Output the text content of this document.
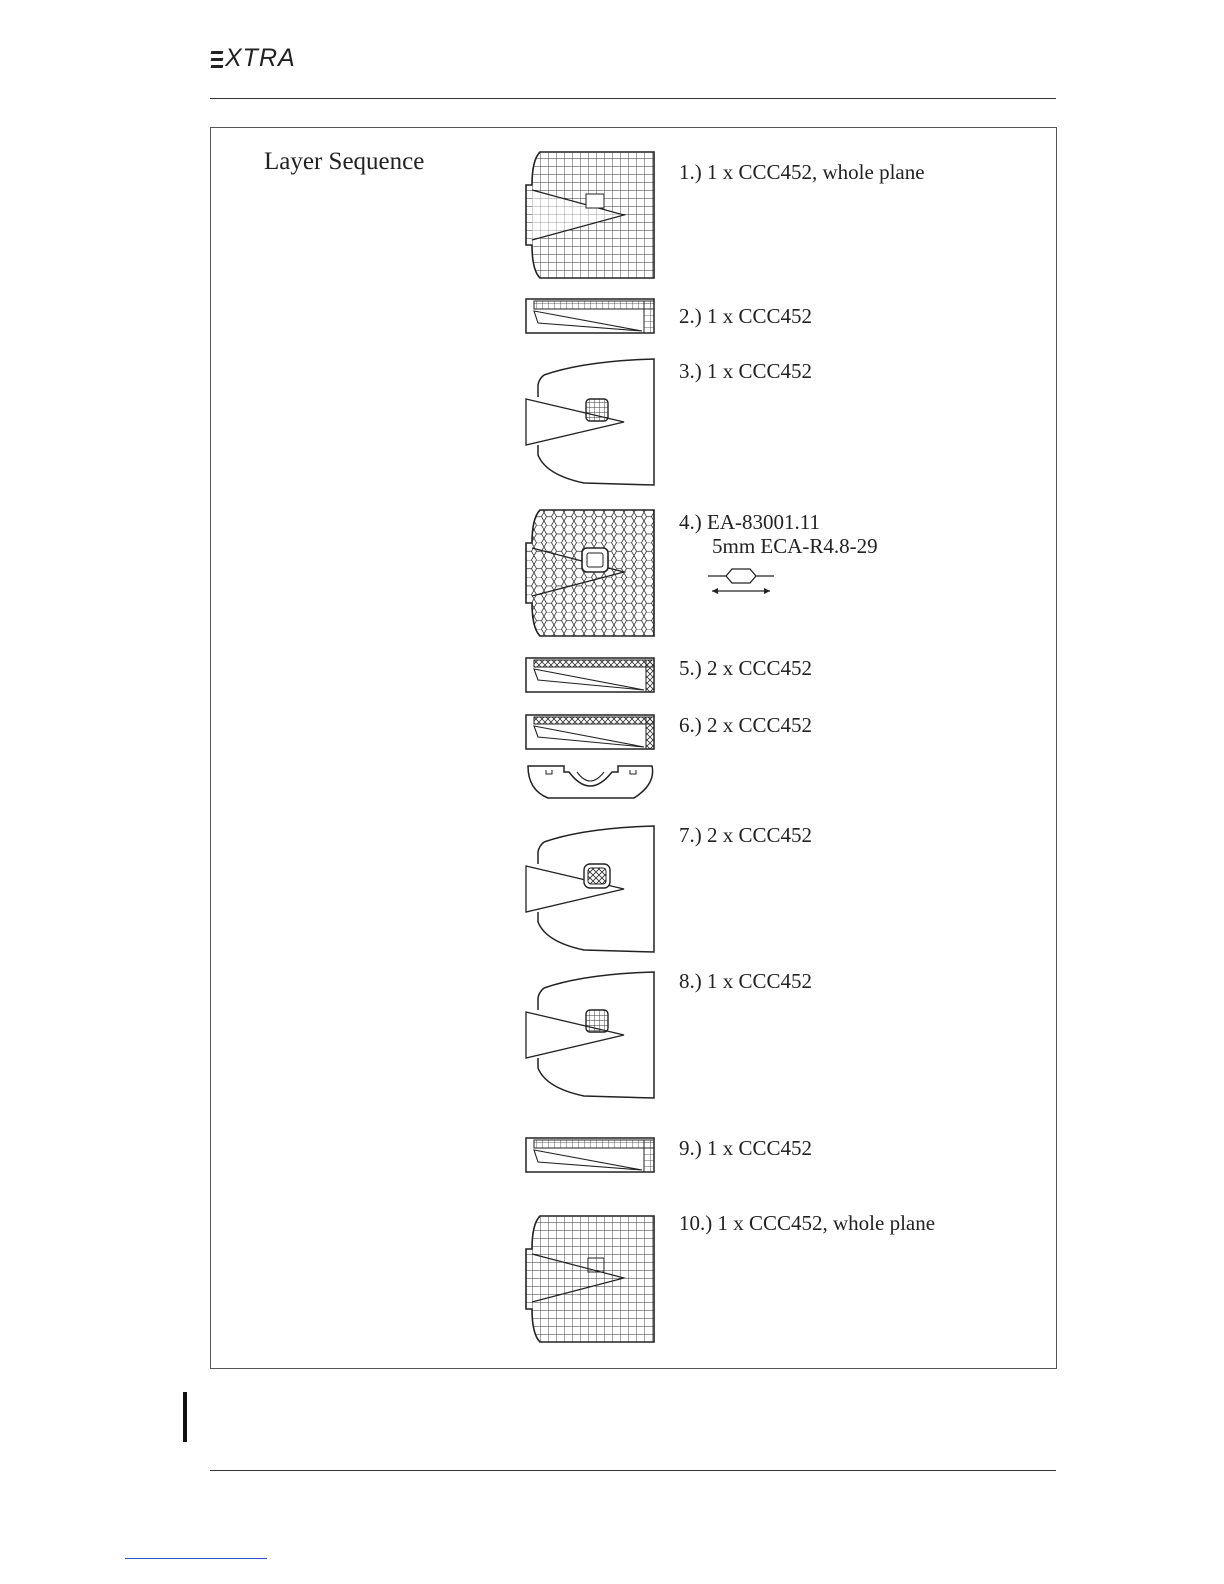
XTRA
Layer Sequence	1.) 1 x CCC452, whole plane
2.) 1 x CCC452
3.) 1 x CCC452
4.) EA-83001.11
5mm ECA-R4.8-29
5.) 2 x CCC452
6.) 2 x CCC452
7.) 2 x CCC452
8.) 1 x CCC452
9.) 1 x CCC452
10.) 1 x CCC452, whole plane
